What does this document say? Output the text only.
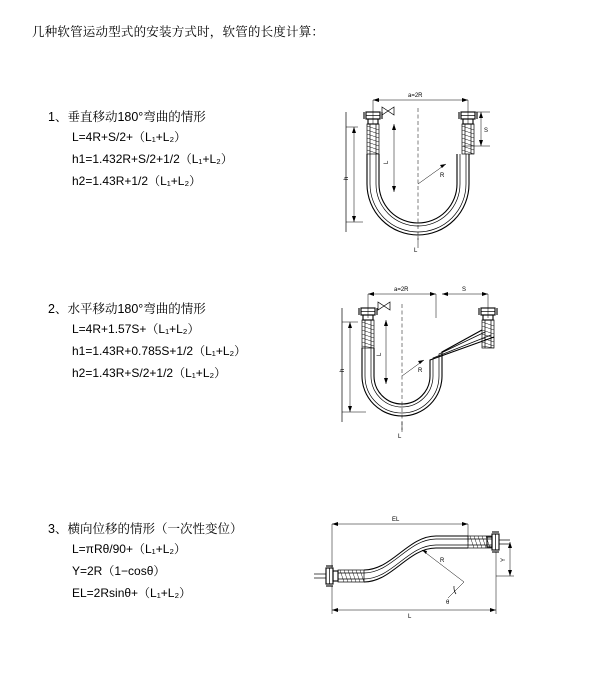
几种软管运动型式的安装方式时，软管的长度计算：
1、垂直移动180°弯曲的情形
L=4R+S/2+（L₁+L₂）
h1=1.432R+S/2+1/2（L₁+L₂）
h2=1.43R+1/2（L₁+L₂）
a=2R
S
h	R
L
L
2、水平移动180°弯曲的情形
L=4R+1.57S+（L₁+L₂）
h1=1.43R+0.785S+1/2（L₁+L₂）
h2=1.43R+S/2+1/2（L₁+L₂）
a=2R	S
h	R
L
L
3、横向位移的情形（一次性变位）
L=πRθ/90+（L₁+L₂）
Y=2R（1−cosθ）
EL=2Rsinθ+（L₁+L₂）
EL
Y
L
R
θ
